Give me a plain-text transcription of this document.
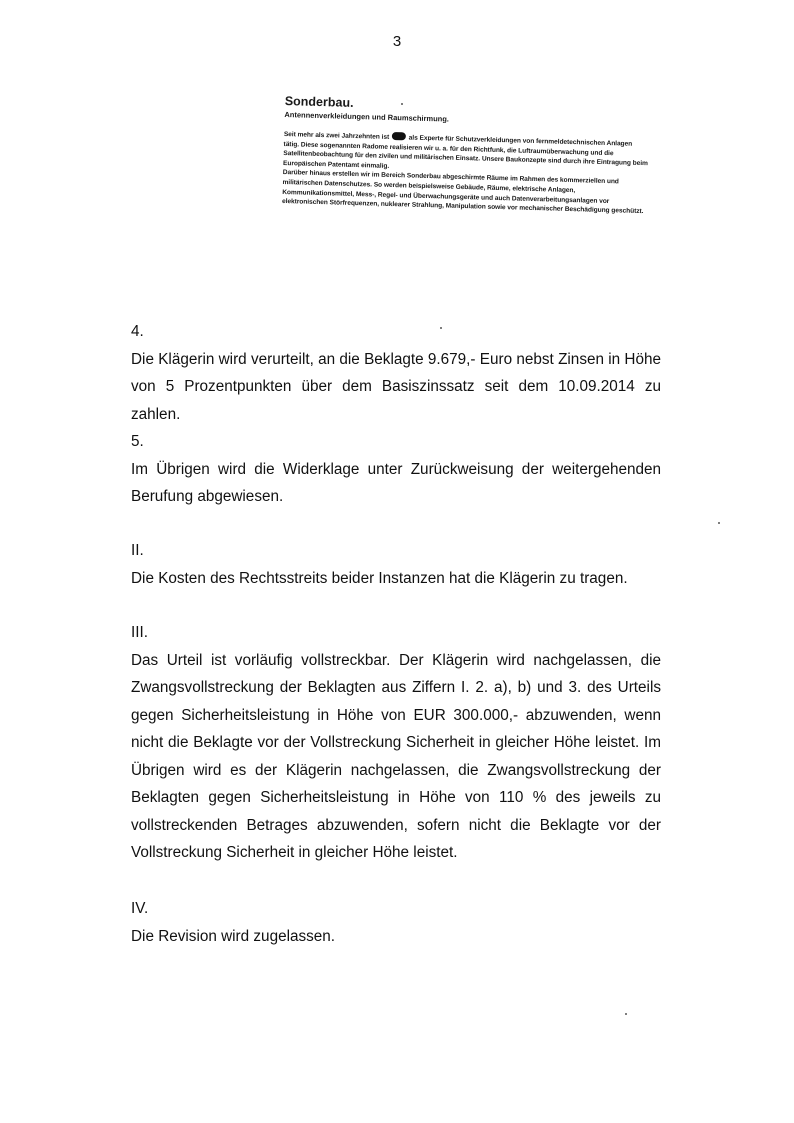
3

Sonderbau.

Antennenverkleidungen und Raumschirmung.

Seit mehr als zwei Jahrzehnten ist	als Experte für Schutzverkleidungen von fernmeldetechnischen Anlagen tätig. Diese sogenannten Radome realisieren wir u. a. für den Richtfunk, die Luftraumüberwachung und die Satellitenbeobachtung für den zivilen und militärischen Einsatz. Unsere Baukonzepte sind durch ihre Eintragung beim Europäischen Patentamt einmalig.

Darüber hinaus erstellen wir im Bereich Sonderbau abgeschirmte Räume im Rahmen des kommerziellen und militärischen Datenschutzes. So werden beispielsweise Gebäude, Räume, elektrische Anlagen, Kommunikationsmittel, Mess-, Regel- und Überwachungsgeräte und auch Datenverarbeitungsanlagen vor elektronischen Störfrequenzen, nuklearer Strahlung, Manipulation sowie vor mechanischer Beschädigung geschützt.

4.

Die Klägerin wird verurteilt, an die Beklagte 9.679,- Euro nebst Zinsen in Höhe von 5 Prozentpunkten über dem Basiszinssatz seit dem 10.09.2014 zu zahlen.

5.

Im Übrigen wird die Widerklage unter Zurückweisung der weitergehenden Berufung abgewiesen.

II.

Die Kosten des Rechtsstreits beider Instanzen hat die Klägerin zu tragen.

III.

Das Urteil ist vorläufig vollstreckbar. Der Klägerin wird nachgelassen, die Zwangsvollstreckung der Beklagten aus Ziffern I. 2. a), b) und 3. des Urteils gegen Sicherheitsleistung in Höhe von EUR 300.000,- abzuwenden, wenn nicht die Beklagte vor der Vollstreckung Sicherheit in gleicher Höhe leistet. Im Übrigen wird es der Klägerin nachgelassen, die Zwangsvollstreckung der Beklagten gegen Sicherheitsleistung in Höhe von 110 % des jeweils zu vollstreckenden Betrages abzuwenden, sofern nicht die Beklagte vor der Vollstreckung Sicherheit in gleicher Höhe leistet.

IV.

Die Revision wird zugelassen.
